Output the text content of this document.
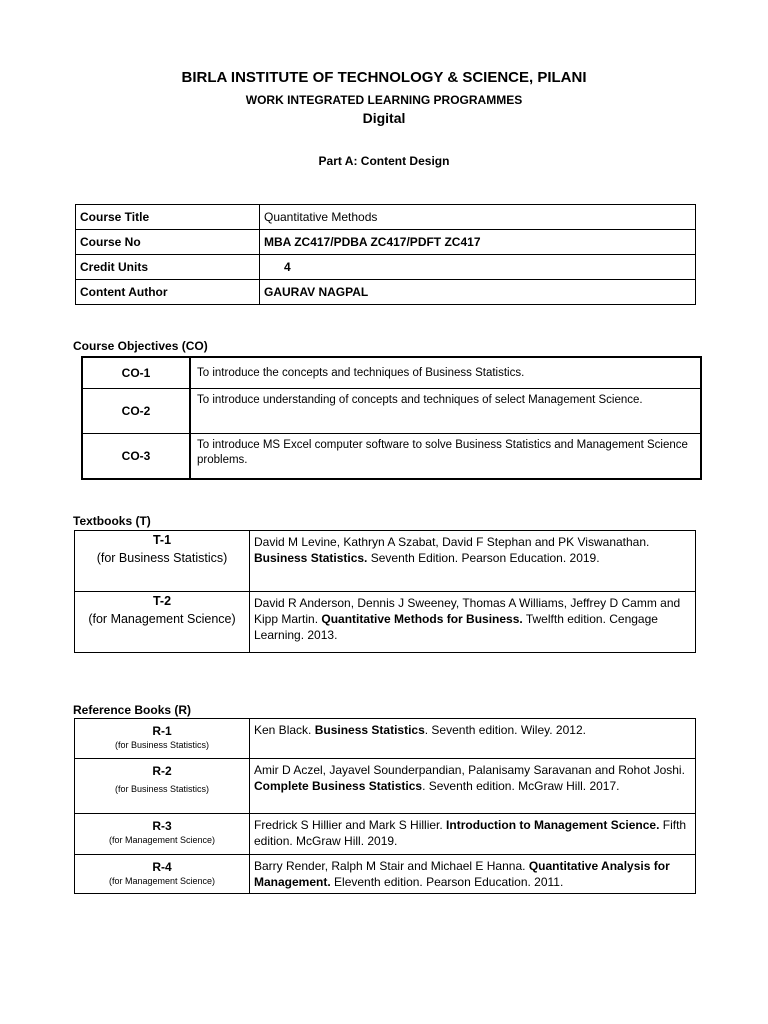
BIRLA INSTITUTE OF TECHNOLOGY & SCIENCE, PILANI
WORK INTEGRATED LEARNING PROGRAMMES
Digital
Part A: Content Design
Course Title	Quantitative Methods
Course No	MBA ZC417/PDBA ZC417/PDFT ZC417
Credit Units	4
Content Author	GAURAV NAGPAL
Course Objectives (CO)
CO-1	To introduce the concepts and techniques of Business Statistics.
CO-2	To introduce understanding of concepts and techniques of select Management Science.
CO-3	To introduce MS Excel computer software to solve Business Statistics and Management Science problems.
Textbooks (T)
T-1
(for Business Statistics)	David M Levine, Kathryn A Szabat, David F Stephan and PK Viswanathan. Business Statistics. Seventh Edition. Pearson Education. 2019.
T-2
(for Management Science)	David R Anderson, Dennis J Sweeney, Thomas A Williams, Jeffrey D Camm and Kipp Martin. Quantitative Methods for Business. Twelfth edition. Cengage Learning. 2013.
Reference Books (R)
R-1
(for Business Statistics)	Ken Black. Business Statistics. Seventh edition. Wiley. 2012.

R-2
(for Business Statistics)	Amir D Aczel, Jayavel Sounderpandian, Palanisamy Saravanan and Rohot Joshi. Complete Business Statistics. Seventh edition. McGraw Hill. 2017.

R-3
(for Management Science)	Fredrick S Hillier and Mark S Hillier. Introduction to Management Science. Fifth edition. McGraw Hill. 2019.

R-4
(for Management Science)	Barry Render, Ralph M Stair and Michael E Hanna. Quantitative Analysis for Management. Eleventh edition. Pearson Education. 2011.
